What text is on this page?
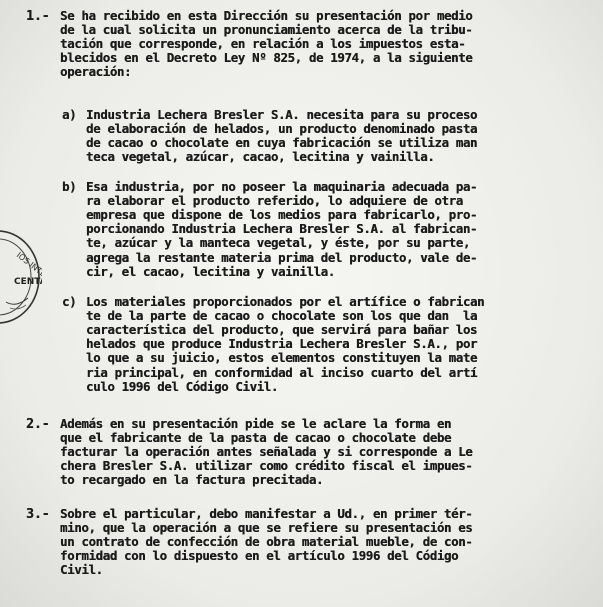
IOS INTERNOS
CENT
1.- Se ha recibido en esta Dirección su presentación por medio
de la cual solicita un pronunciamiento acerca de la tribu-
tación que corresponde, en relación a los impuestos esta-
blecidos en el Decreto Ley Nº 825, de 1974, a la siguiente
operación:
a) Industria Lechera Bresler S.A. necesita para su proceso
de elaboración de helados, un producto denominado pasta
de cacao o chocolate en cuya fabricación se utiliza man
teca vegetal, azúcar, cacao, lecitina y vainilla.
b) Esa industria, por no poseer la maquinaria adecuada pa-
ra elaborar el producto referido, lo adquiere de otra
empresa que dispone de los medios para fabricarlo, pro-
porcionando Industria Lechera Bresler S.A. al fabrican-
te, azúcar y la manteca vegetal, y éste, por su parte,
agrega la restante materia prima del producto, vale de-
cir, el cacao, lecitina y vainilla.
c) Los materiales proporcionados por el artífice o fabrican
te de la parte de cacao o chocolate son los que dan  la
característica del producto, que servirá para bañar los
helados que produce Industria Lechera Bresler S.A., por
lo que a su juicio, estos elementos constituyen la mate
ria principal, en conformidad al inciso cuarto del artí
culo 1996 del Código Civil.
2.- Además en su presentación pide se le aclare la forma en
que el fabricante de la pasta de cacao o chocolate debe
facturar la operación antes señalada y si corresponde a Le
chera Bresler S.A. utilizar como crédito fiscal el impues-
to recargado en la factura precitada.
3.- Sobre el particular, debo manifestar a Ud., en primer tér-
mino, que la operación a que se refiere su presentación es
un contrato de confección de obra material mueble, de con-
formidad con lo dispuesto en el artículo 1996 del Código
Civil.
